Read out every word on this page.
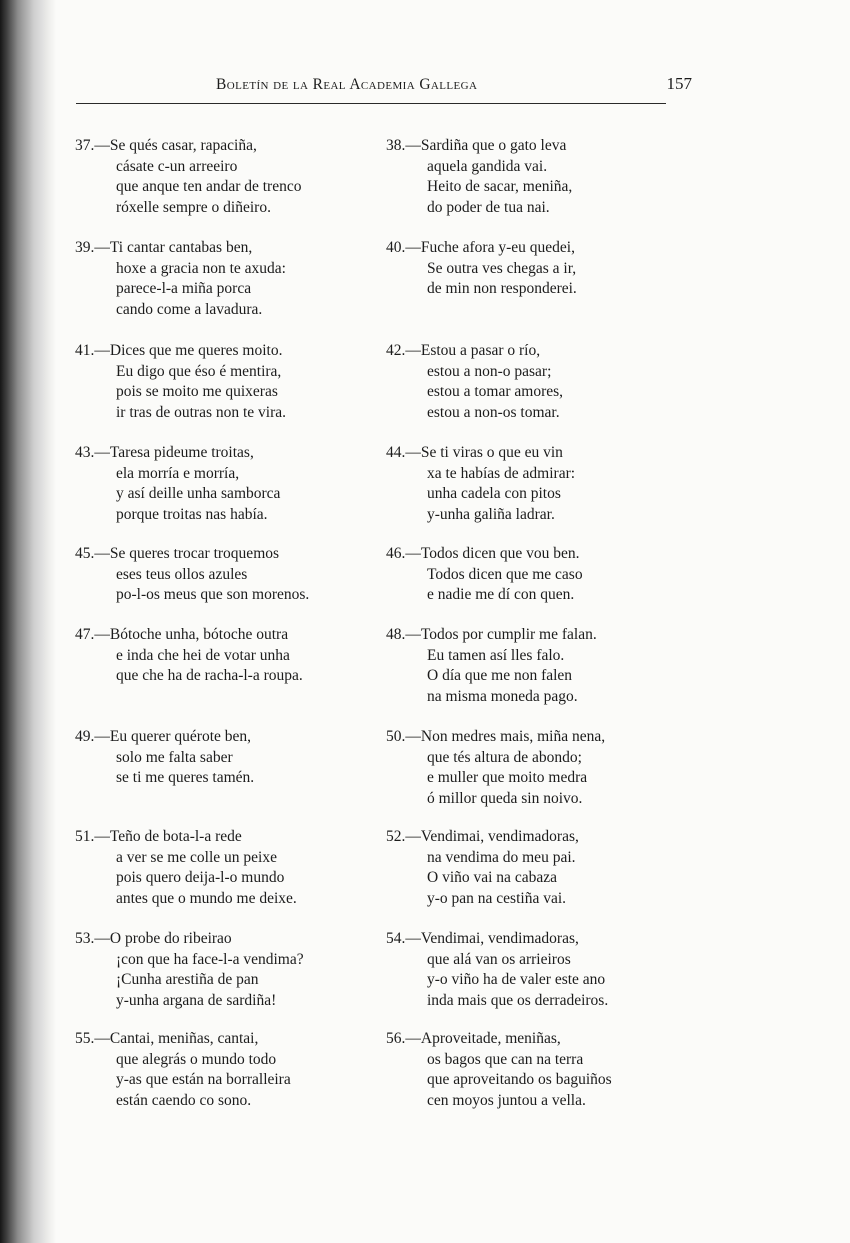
Boletín de la Real Academia Gallega	157
37.—Se qués casar, rapaciña,
cásate c-un arreeiro
que anque ten andar de trenco
róxelle sempre o diñeiro.
38.—Sardiña que o gato leva
aquela gandida vai.
Heito de sacar, meniña,
do poder de tua nai.
39.—Ti cantar cantabas ben,
hoxe a gracia non te axuda:
parece-l-a miña porca
cando come a lavadura.
40.—Fuche afora y-eu quedei,
Se outra ves chegas a ir,
de min non responderei.
41.—Dices que me queres moito.
Eu digo que éso é mentira,
pois se moito me quixeras
ir tras de outras non te vira.
42.—Estou a pasar o río,
estou a non-o pasar;
estou a tomar amores,
estou a non-os tomar.
43.—Taresa pideume troitas,
ela morría e morría,
y así deille unha samborca
porque troitas nas había.
44.—Se ti viras o que eu vin
xa te habías de admirar:
unha cadela con pitos
y-unha galiña ladrar.
45.—Se queres trocar troquemos
eses teus ollos azules
po-l-os meus que son morenos.
46.—Todos dicen que vou ben.
Todos dicen que me caso
e nadie me dí con quen.
47.—Bótoche unha, bótoche outra
e inda che hei de votar unha
que che ha de racha-l-a roupa.
48.—Todos por cumplir me falan.
Eu tamen así lles falo.
O día que me non falen
na misma moneda pago.
49.—Eu querer quérote ben,
solo me falta saber
se ti me queres tamén.
50.—Non medres mais, miña nena,
que tés altura de abondo;
e muller que moito medra
ó millor queda sin noivo.
51.—Teño de bota-l-a rede
a ver se me colle un peixe
pois quero deija-l-o mundo
antes que o mundo me deixe.
52.—Vendimai, vendimadoras,
na vendima do meu pai.
O viño vai na cabaza
y-o pan na cestiña vai.
53.—O probe do ribeirao
¡con que ha face-l-a vendima?
¡Cunha arestiña de pan
y-unha argana de sardiña!
54.—Vendimai, vendimadoras,
que alá van os arrieiros
y-o viño ha de valer este ano
inda mais que os derradeiros.
55.—Cantai, meniñas, cantai,
que alegrás o mundo todo
y-as que están na borralleira
están caendo co sono.
56.—Aproveitade, meniñas,
os bagos que can na terra
que aproveitando os baguiños
cen moyos juntou a vella.
